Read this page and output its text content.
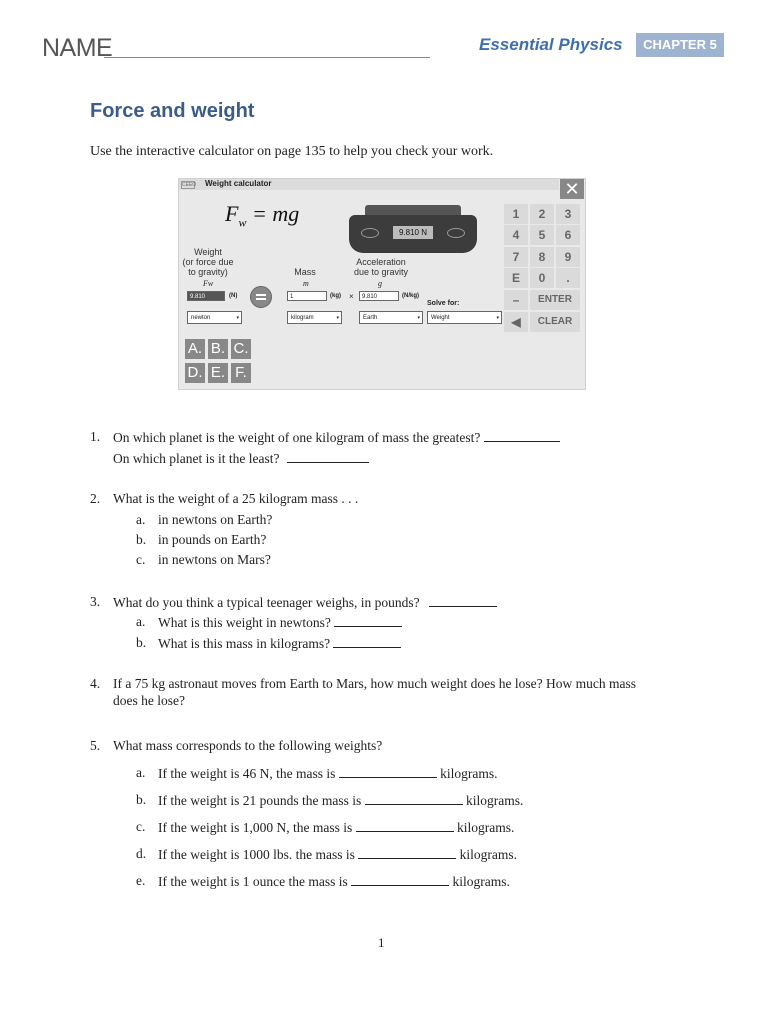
NAME	Essential Physics	CHAPTER 5
Force and weight
Use the interactive calculator on page 135 to help you check your work.
CEEO Weight calculator	✕
$F_w$ = mg
9.810 N
Weight
(or force due
to gravity)
Fw
Mass
m
Acceleration
due to gravity
g
9.810	(N)	1	(kg) ×	9.810	(N/kg)
Solve for:
newton	▾	kilogram	▾	Earth	▾	Weight	▾
A. B. C.
D. E. F.
1	2	3
4	5	6
7	8	9
E	0	.
–	ENTER
◀	CLEAR
1. On which planet is the weight of one kilogram of mass the greatest?
On which planet is it the least?
2. What is the weight of a 25 kilogram mass . . .
a. in newtons on Earth?
b. in pounds on Earth?
c. in newtons on Mars?
3. What do you think a typical teenager weighs, in pounds?
a. What is this weight in newtons?
b. What is this mass in kilograms?
4. If a 75 kg astronaut moves from Earth to Mars, how much weight does he lose? How much mass
does he lose?
5. What mass corresponds to the following weights?
a. If the weight is 46 N, the mass is	kilograms.
b. If the weight is 21 pounds the mass is	kilograms.
c. If the weight is 1,000 N, the mass is	kilograms.
d. If the weight is 1000 lbs. the mass is	kilograms.
e. If the weight is 1 ounce the mass is	kilograms.
1
